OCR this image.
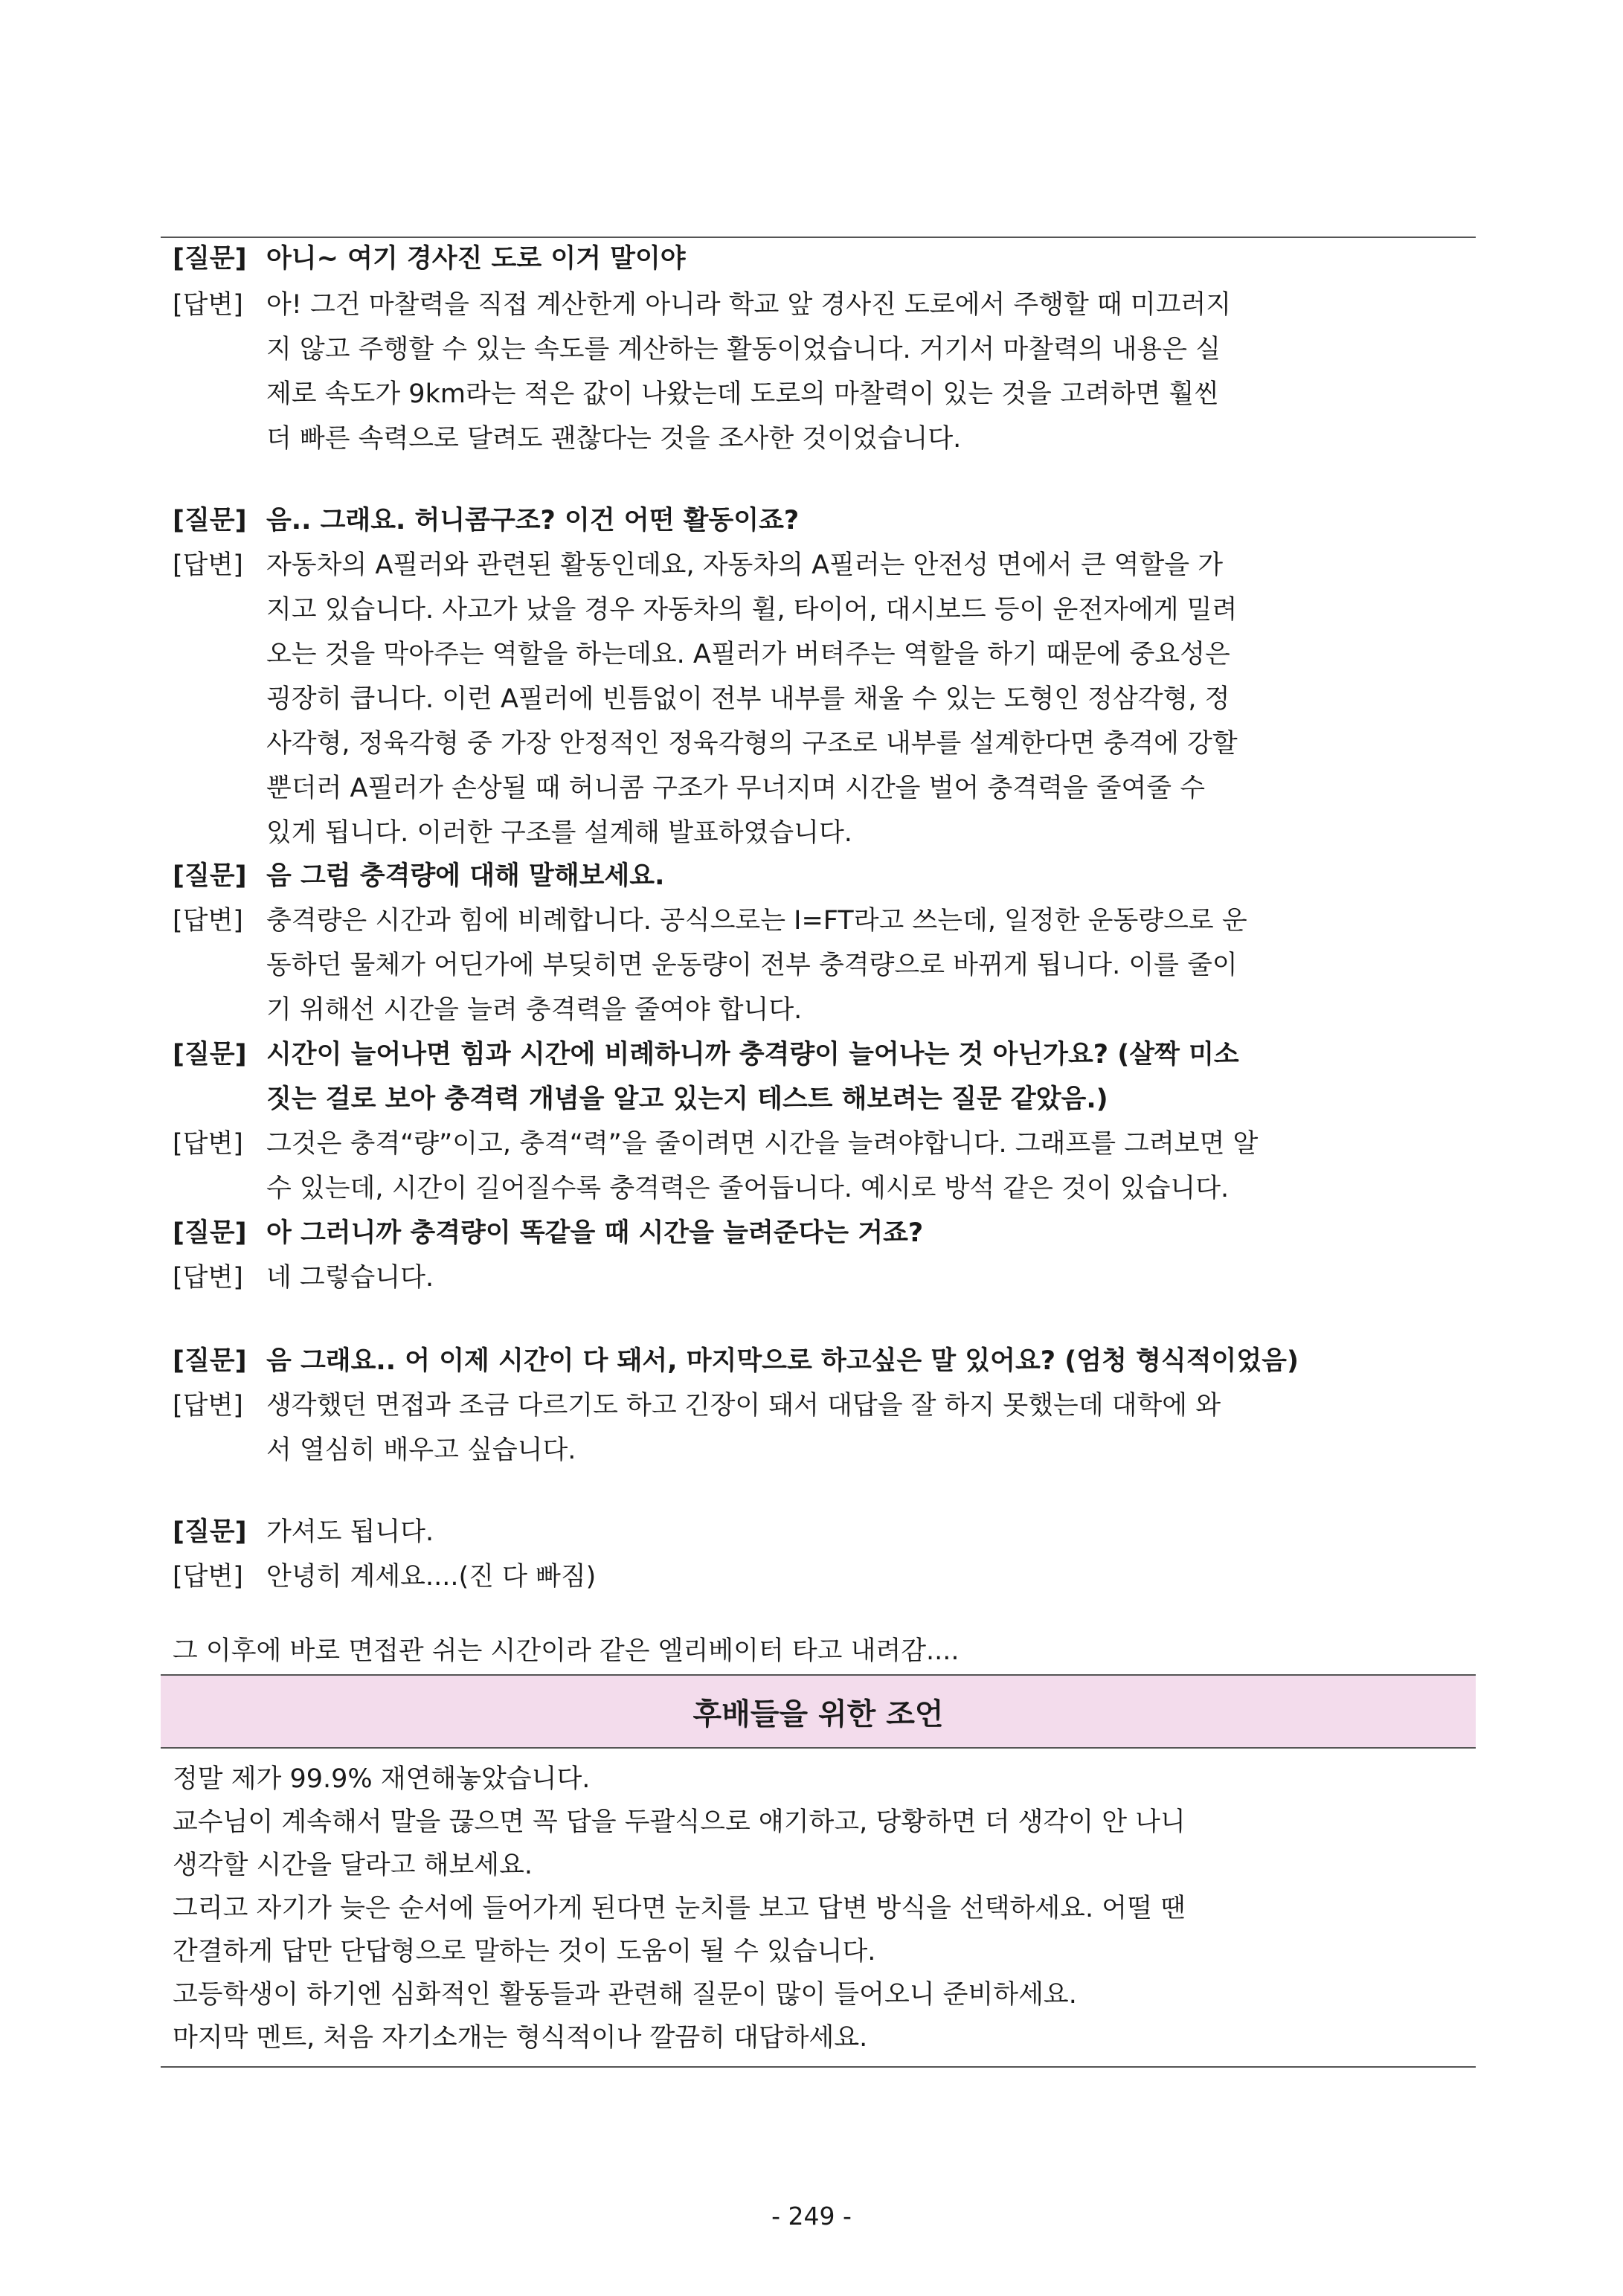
[질문] 아니~ 여기 경사진 도로 이거 말이야
[답변] 아! 그건 마찰력을 직접 계산한게 아니라 학교 앞 경사진 도로에서 주행할 때 미끄러지
지 않고 주행할 수 있는 속도를 계산하는 활동이었습니다. 거기서 마찰력의 내용은 실
제로 속도가 9km라는 적은 값이 나왔는데 도로의 마찰력이 있는 것을 고려하면 훨씬
더 빠른 속력으로 달려도 괜찮다는 것을 조사한 것이었습니다.
[질문] 음.. 그래요. 허니콤구조? 이건 어떤 활동이죠?
[답변] 자동차의 A필러와 관련된 활동인데요, 자동차의 A필러는 안전성 면에서 큰 역할을 가
지고 있습니다. 사고가 났을 경우 자동차의 휠, 타이어, 대시보드 등이 운전자에게 밀려
오는 것을 막아주는 역할을 하는데요. A필러가 버텨주는 역할을 하기 때문에 중요성은
굉장히 큽니다. 이런 A필러에 빈틈없이 전부 내부를 채울 수 있는 도형인 정삼각형, 정
사각형, 정육각형 중 가장 안정적인 정육각형의 구조로 내부를 설계한다면 충격에 강할
뿐더러 A필러가 손상될 때 허니콤 구조가 무너지며 시간을 벌어 충격력을 줄여줄 수
있게 됩니다. 이러한 구조를 설계해 발표하였습니다.
[질문] 음 그럼 충격량에 대해 말해보세요.
[답변] 충격량은 시간과 힘에 비례합니다. 공식으로는 I=FT라고 쓰는데, 일정한 운동량으로 운
동하던 물체가 어딘가에 부딪히면 운동량이 전부 충격량으로 바뀌게 됩니다. 이를 줄이
기 위해선 시간을 늘려 충격력을 줄여야 합니다.
[질문] 시간이 늘어나면 힘과 시간에 비례하니까 충격량이 늘어나는 것 아닌가요? (살짝 미소
짓는 걸로 보아 충격력 개념을 알고 있는지 테스트 해보려는 질문 같았음.)
[답변] 그것은 충격“량”이고, 충격“력”을 줄이려면 시간을 늘려야합니다. 그래프를 그려보면 알
수 있는데, 시간이 길어질수록 충격력은 줄어듭니다. 예시로 방석 같은 것이 있습니다.
[질문] 아 그러니까 충격량이 똑같을 때 시간을 늘려준다는 거죠?
[답변] 네 그렇습니다.
[질문] 음 그래요.. 어 이제 시간이 다 돼서, 마지막으로 하고싶은 말 있어요? (엄청 형식적이었음)
[답변] 생각했던 면접과 조금 다르기도 하고 긴장이 돼서 대답을 잘 하지 못했는데 대학에 와
서 열심히 배우고 싶습니다.
[질문] 가셔도 됩니다.
[답변] 안녕히 계세요....(진 다 빠짐)
그 이후에 바로 면접관 쉬는 시간이라 같은 엘리베이터 타고 내려감....
후배들을 위한 조언
정말 제가 99.9% 재연해놓았습니다.
교수님이 계속해서 말을 끊으면 꼭 답을 두괄식으로 얘기하고, 당황하면 더 생각이 안 나니
생각할 시간을 달라고 해보세요.
그리고 자기가 늦은 순서에 들어가게 된다면 눈치를 보고 답변 방식을 선택하세요. 어떨 땐
간결하게 답만 단답형으로 말하는 것이 도움이 될 수 있습니다.
고등학생이 하기엔 심화적인 활동들과 관련해 질문이 많이 들어오니 준비하세요.
마지막 멘트, 처음 자기소개는 형식적이나 깔끔히 대답하세요.
- 249 -
